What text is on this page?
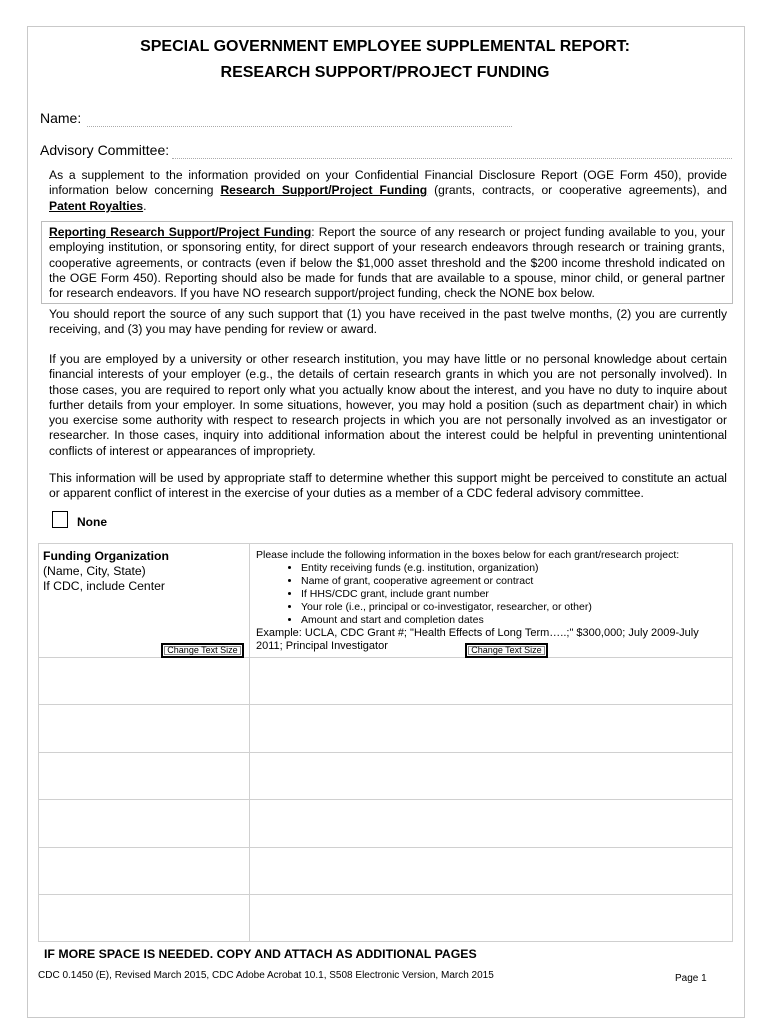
SPECIAL GOVERNMENT EMPLOYEE SUPPLEMENTAL REPORT:
RESEARCH SUPPORT/PROJECT FUNDING
Name:
Advisory Committee:
As a supplement to the information provided on your Confidential Financial Disclosure Report (OGE Form 450), provide information below concerning Research Support/Project Funding (grants, contracts, or cooperative agreements), and Patent Royalties.
Reporting Research Support/Project Funding: Report the source of any research or project funding available to you, your employing institution, or sponsoring entity, for direct support of your research endeavors through research or training grants, cooperative agreements, or contracts (even if below the $1,000 asset threshold and the $200 income threshold indicated on the OGE Form 450). Reporting should also be made for funds that are available to a spouse, minor child, or general partner for research endeavors. If you have NO research support/project funding, check the NONE box below.
You should report the source of any such support that (1) you have received in the past twelve months, (2) you are currently receiving, and (3) you may have pending for review or award.
If you are employed by a university or other research institution, you may have little or no personal knowledge about certain financial interests of your employer (e.g., the details of certain research grants in which you are not personally involved). In those cases, you are required to report only what you actually know about the interest, and you have no duty to inquire about further details from your employer. In some situations, however, you may hold a position (such as department chair) in which you exercise some authority with respect to research projects in which you are not personally involved as an investigator or researcher. In those cases, inquiry into additional information about the interest could be helpful in preventing unintentional conflicts of interest or appearances of impropriety.
This information will be used by appropriate staff to determine whether this support might be perceived to constitute an actual or apparent conflict of interest in the exercise of your duties as a member of a CDC federal advisory committee.
None
Funding Organization
(Name, City, State)
If CDC, include Center
Please include the following information in the boxes below for each grant/research project:
• Entity receiving funds (e.g. institution, organization)
• Name of grant, cooperative agreement or contract
• If HHS/CDC grant, include grant number
• Your role (i.e., principal or co-investigator, researcher, or other)
• Amount and start and completion dates
Example: UCLA, CDC Grant #; "Health Effects of Long Term…..;" $300,000; July 2009-July
2011; Principal Investigator
Change Text Size	Change Text Size
IF MORE SPACE IS NEEDED. COPY AND ATTACH AS ADDITIONAL PAGES
CDC 0.1450 (E), Revised March 2015, CDC Adobe Acrobat 10.1, S508 Electronic Version, March 2015	Page 1
